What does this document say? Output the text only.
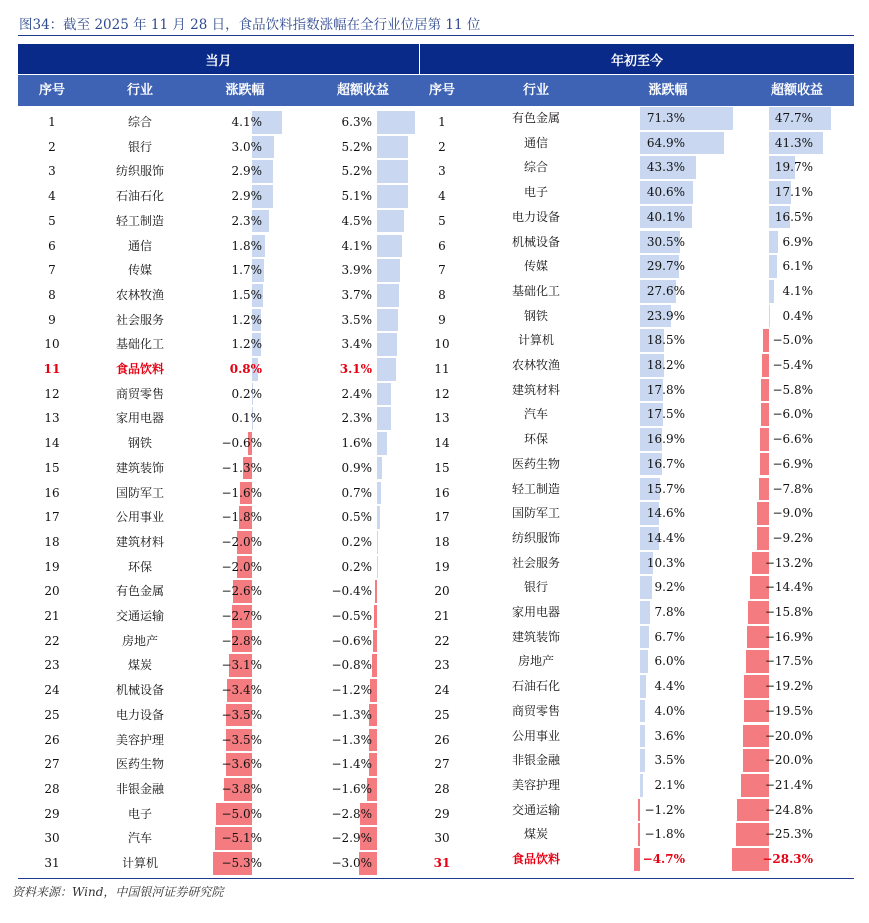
图34：截至 2025 年 11 月 28 日，食品饮料指数涨幅在全行业位居第 11 位
当月	年初至今
序号	行业	涨跌幅	超额收益	序号	行业	涨跌幅	超额收益
1	综合	4.1%	6.3%	1	有色金属	71.3%	47.7%
2	银行	3.0%	5.2%	2	通信	64.9%	41.3%
3	纺织服饰	2.9%	5.2%	3	综合	43.3%	19.7%
4	石油石化	2.9%	5.1%	4	电子	40.6%	17.1%
5	轻工制造	2.3%	4.5%	5	电力设备	40.1%	16.5%
6	通信	1.8%	4.1%	6	机械设备	30.5%	6.9%
7	传媒	1.7%	3.9%	7	传媒	29.7%	6.1%
8	农林牧渔	1.5%	3.7%	8	基础化工	27.6%	4.1%
9	社会服务	1.2%	3.5%	9	钢铁	23.9%	0.4%
10	基础化工	1.2%	3.4%	10	计算机	18.5%	−5.0%
11	食品饮料	0.8%	3.1%	11	农林牧渔	18.2%	−5.4%
12	商贸零售	0.2%	2.4%	12	建筑材料	17.8%	−5.8%
13	家用电器	0.1%	2.3%	13	汽车	17.5%	−6.0%
14	钢铁	−0.6%	1.6%	14	环保	16.9%	−6.6%
15	建筑装饰	−1.3%	0.9%	15	医药生物	16.7%	−6.9%
16	国防军工	−1.6%	0.7%	16	轻工制造	15.7%	−7.8%
17	公用事业	−1.8%	0.5%	17	国防军工	14.6%	−9.0%
18	建筑材料	−2.0%	0.2%	18	纺织服饰	14.4%	−9.2%
19	环保	−2.0%	0.2%	19	社会服务	10.3%	−13.2%
20	有色金属	−2.6%	−0.4%	20	银行	9.2%	−14.4%
21	交通运输	−2.7%	−0.5%	21	家用电器	7.8%	−15.8%
22	房地产	−2.8%	−0.6%	22	建筑装饰	6.7%	−16.9%
23	煤炭	−3.1%	−0.8%	23	房地产	6.0%	−17.5%
24	机械设备	−3.4%	−1.2%	24	石油石化	4.4%	−19.2%
25	电力设备	−3.5%	−1.3%	25	商贸零售	4.0%	−19.5%
26	美容护理	−3.5%	−1.3%	26	公用事业	3.6%	−20.0%
27	医药生物	−3.6%	−1.4%	27	非银金融	3.5%	−20.0%
28	非银金融	−3.8%	−1.6%	28	美容护理	2.1%	−21.4%
29	电子	−5.0%	−2.8%	29	交通运输	−1.2%	−24.8%
30	汽车	−5.1%	−2.9%	30	煤炭	−1.8%	−25.3%
31	计算机	−5.3%	−3.0%	31	食品饮料	−4.7%	−28.3%
资料来源：Wind，中国银河证券研究院
